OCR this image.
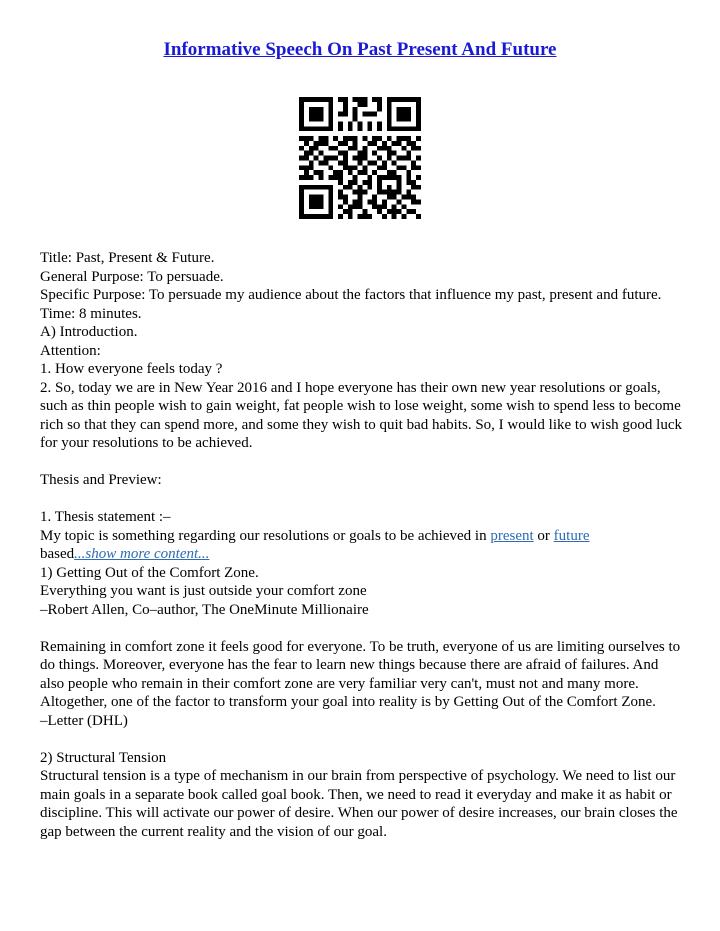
Informative Speech On Past Present And Future

Title: Past, Present & Future.

General Purpose: To persuade.

Specific Purpose: To persuade my audience about the factors that influence my past, present and future.

Time: 8 minutes.

A) Introduction.

Attention:

1. How everyone feels today ?

2. So, today we are in New Year 2016 and I hope everyone has their own new year resolutions or goals, such as thin people wish to gain weight, fat people wish to lose weight, some wish to spend less to become rich so that they can spend more, and some they wish to quit bad habits. So, I would like to wish good luck for your resolutions to be achieved.

Thesis and Preview:

1. Thesis statement :–

My topic is something regarding our resolutions or goals to be achieved in present or future

based...show more content...

1) Getting Out of the Comfort Zone.

Everything you want is just outside your comfort zone

–Robert Allen, Co–author, The OneMinute Millionaire

Remaining in comfort zone it feels good for everyone. To be truth, everyone of us are limiting ourselves to do things. Moreover, everyone has the fear to learn new things because there are afraid of failures. And also people who remain in their comfort zone are very familiar very can't, must not and many more. Altogether, one of the factor to transform your goal into reality is by Getting Out of the Comfort Zone.

–Letter (DHL)

2) Structural Tension

Structural tension is a type of mechanism in our brain from perspective of psychology. We need to list our main goals in a separate book called goal book. Then, we need to read it everyday and make it as habit or discipline. This will activate our power of desire. When our power of desire increases, our brain closes the gap between the current reality and the vision of our goal.
